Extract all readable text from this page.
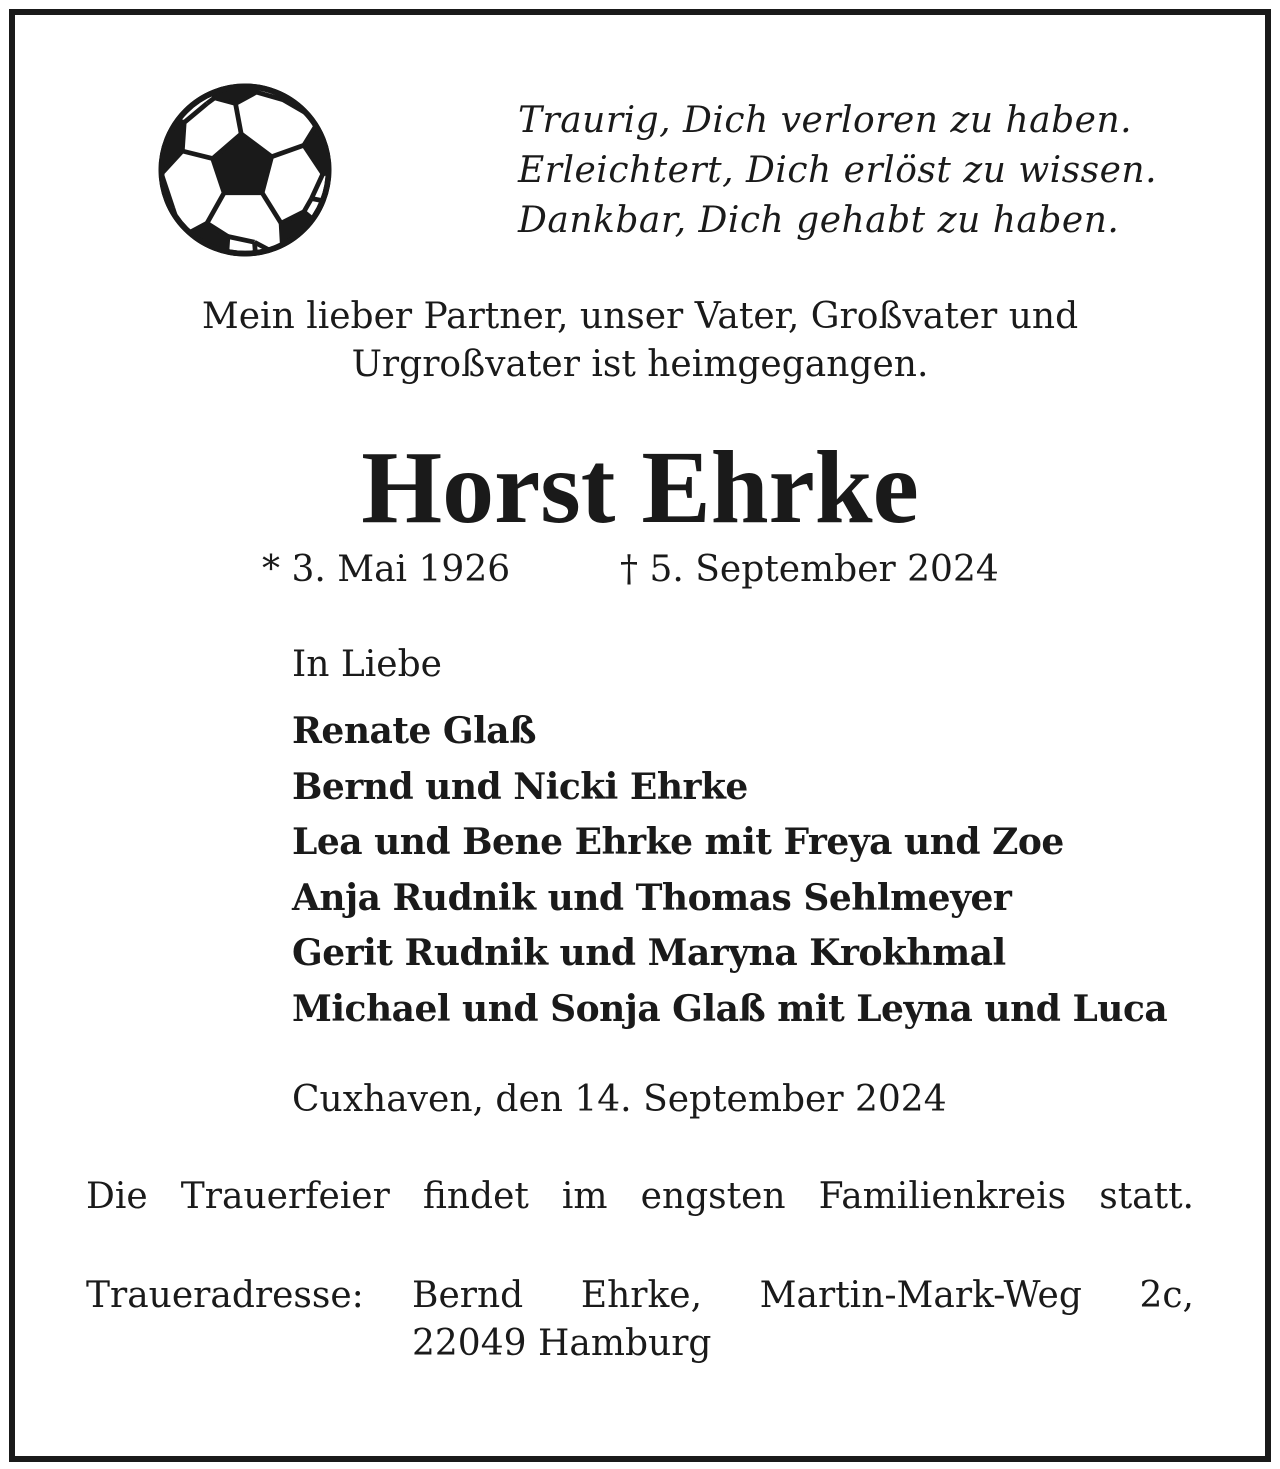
Traurig, Dich verloren zu haben.
Erleichtert, Dich erlöst zu wissen.
Dankbar, Dich gehabt zu haben.
Mein lieber Partner, unser Vater, Großvater und
Urgroßvater ist heimgegangen.
Horst Ehrke
* 3. Mai 1926	† 5. September 2024
In Liebe
Renate Glaß
Bernd und Nicki Ehrke
Lea und Bene Ehrke mit Freya und Zoe
Anja Rudnik und Thomas Sehlmeyer
Gerit Rudnik und Maryna Krokhmal
Michael und Sonja Glaß mit Leyna und Luca
Cuxhaven, den 14. September 2024
Die Trauerfeier findet im engsten Familienkreis statt.
Traueradresse: Bernd Ehrke, Martin-Mark-Weg 2c,
22049 Hamburg
